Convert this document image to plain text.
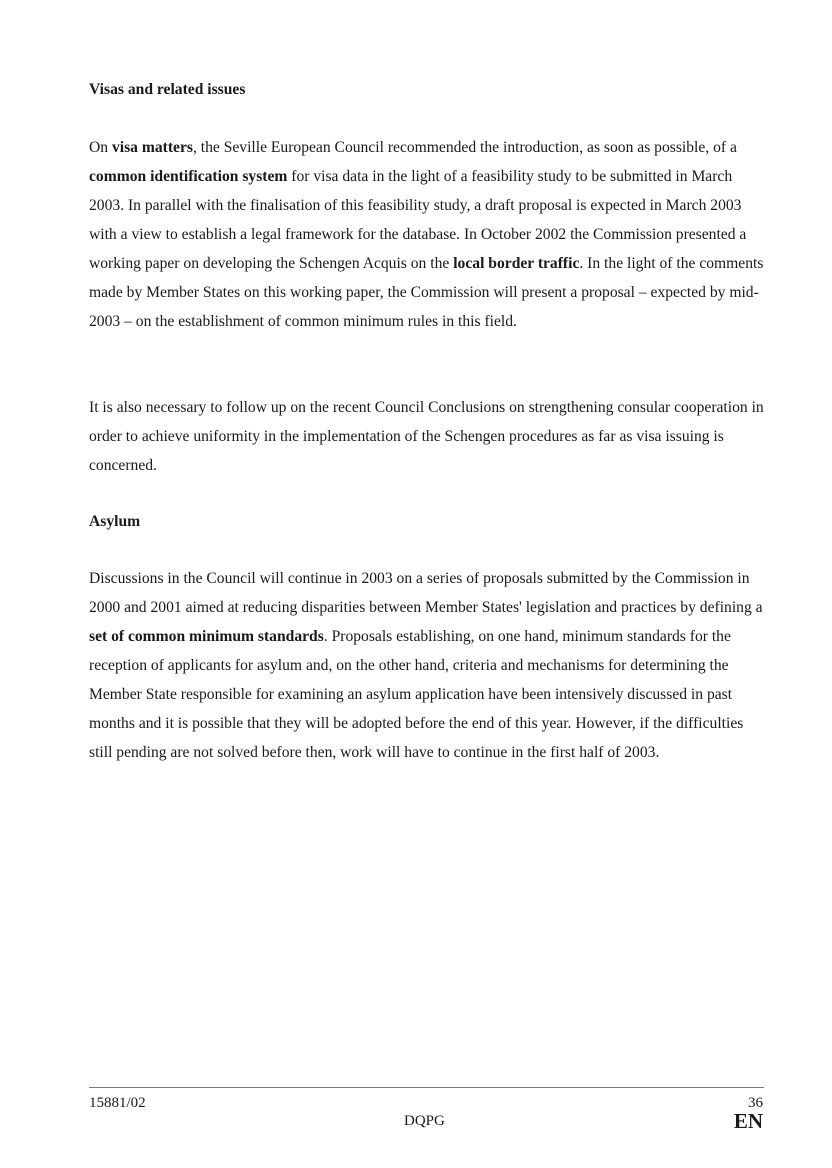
Visas and related issues

On visa matters, the Seville European Council recommended the introduction, as soon as possible, of a common identification system for visa data in the light of a feasibility study to be submitted in March 2003. In parallel with the finalisation of this feasibility study, a draft proposal is expected in March 2003 with a view to establish a legal framework for the database. In October 2002 the Commission presented a working paper on developing the Schengen Acquis on the local border traffic. In the light of the comments made by Member States on this working paper, the Commission will present a proposal – expected by mid-2003 – on the establishment of common minimum rules in this field.

It is also necessary to follow up on the recent Council Conclusions on strengthening consular cooperation in order to achieve uniformity in the implementation of the Schengen procedures as far as visa issuing is concerned.

Asylum

Discussions in the Council will continue in 2003 on a series of proposals submitted by the Commission in 2000 and 2001 aimed at reducing disparities between Member States' legislation and practices by defining a set of common minimum standards. Proposals establishing, on one hand, minimum standards for the reception of applicants for asylum and, on the other hand, criteria and mechanisms for determining the Member State responsible for examining an asylum application have been intensively discussed in past months and it is possible that they will be adopted before the end of this year. However, if the difficulties still pending are not solved before then, work will have to continue in the first half of 2003.

15881/02	36
DQPG	EN
